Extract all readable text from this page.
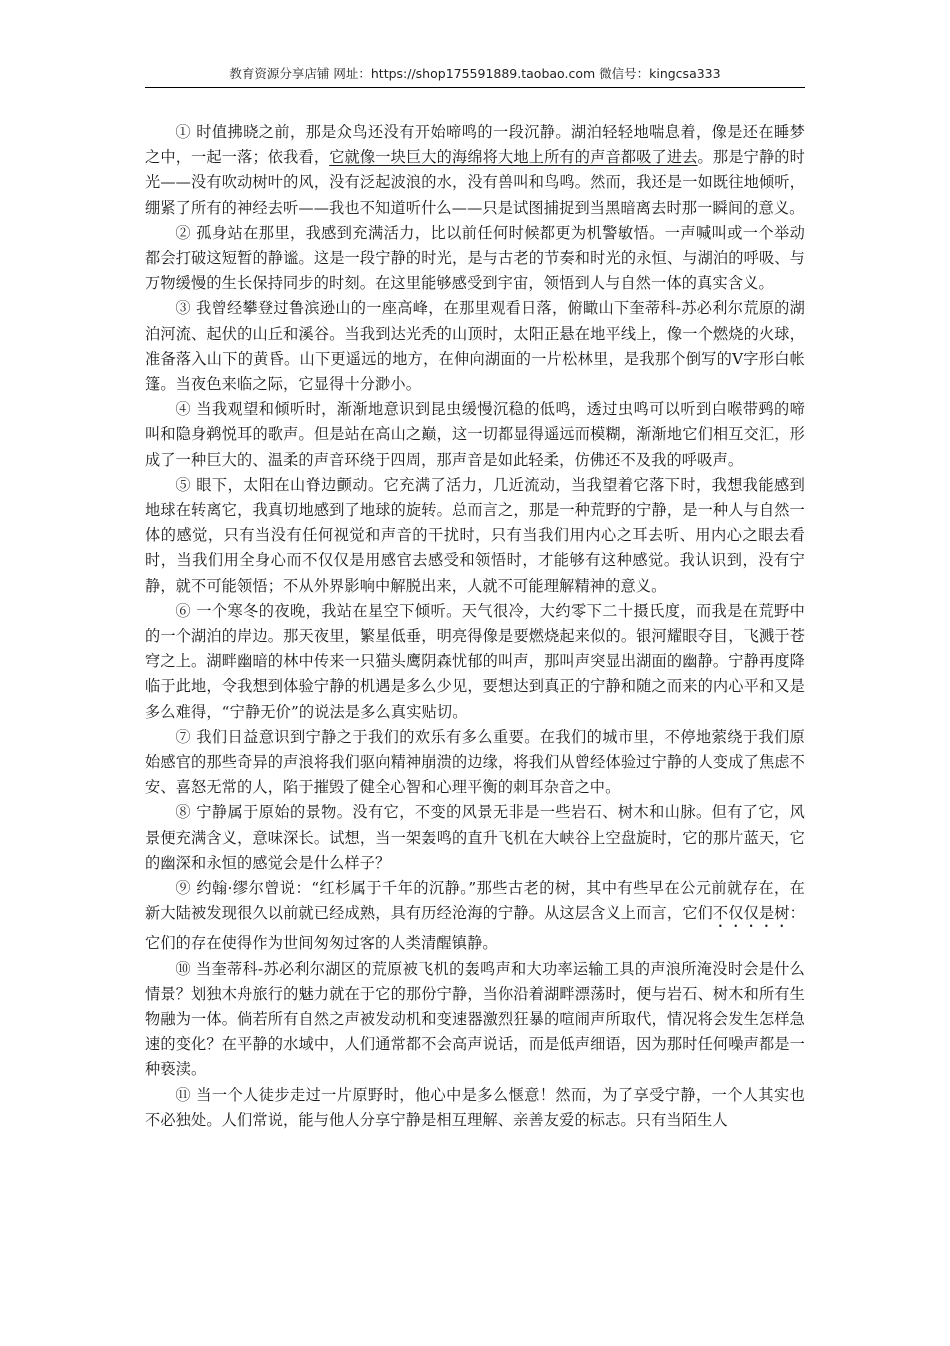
教育资源分享店铺 网址：https://shop175591889.taobao.com 微信号：kingcsa333

① 时值拂晓之前，那是众鸟还没有开始啼鸣的一段沉静。湖泊轻轻地喘息着，像是还在睡梦之中，一起一落；依我看，它就像一块巨大的海绵将大地上所有的声音都吸了进去。那是宁静的时光——没有吹动树叶的风，没有泛起波浪的水，没有兽叫和鸟鸣。然而，我还是一如既往地倾听，绷紧了所有的神经去听——我也不知道听什么——只是试图捕捉到当黑暗离去时那一瞬间的意义。

② 孤身站在那里，我感到充满活力，比以前任何时候都更为机警敏悟。一声喊叫或一个举动都会打破这短暂的静谧。这是一段宁静的时光，是与古老的节奏和时光的永恒、与湖泊的呼吸、与万物缓慢的生长保持同步的时刻。在这里能够感受到宇宙，领悟到人与自然一体的真实含义。

③ 我曾经攀登过鲁滨逊山的一座高峰，在那里观看日落，俯瞰山下奎蒂科-苏必利尔荒原的湖泊河流、起伏的山丘和溪谷。当我到达光秃的山顶时，太阳正悬在地平线上，像一个燃烧的火球，准备落入山下的黄昏。山下更遥远的地方，在伸向湖面的一片松林里，是我那个倒写的V字形白帐篷。当夜色来临之际，它显得十分渺小。

④ 当我观望和倾听时，渐渐地意识到昆虫缓慢沉稳的低鸣，透过虫鸣可以听到白喉带鹀的啼叫和隐身鹈悦耳的歌声。但是站在高山之巅，这一切都显得遥远而模糊，渐渐地它们相互交汇，形成了一种巨大的、温柔的声音环绕于四周，那声音是如此轻柔，仿佛还不及我的呼吸声。

⑤ 眼下，太阳在山脊边颤动。它充满了活力，几近流动，当我望着它落下时，我想我能感到地球在转离它，我真切地感到了地球的旋转。总而言之，那是一种荒野的宁静，是一种人与自然一体的感觉，只有当没有任何视觉和声音的干扰时，只有当我们用内心之耳去听、用内心之眼去看时，当我们用全身心而不仅仅是用感官去感受和领悟时，才能够有这种感觉。我认识到，没有宁静，就不可能领悟；不从外界影响中解脱出来，人就不可能理解精神的意义。

⑥ 一个寒冬的夜晚，我站在星空下倾听。天气很冷，大约零下二十摄氏度，而我是在荒野中的一个湖泊的岸边。那天夜里，繁星低垂，明亮得像是要燃烧起来似的。银河耀眼夺目，飞溅于苍穹之上。湖畔幽暗的林中传来一只猫头鹰阴森忧郁的叫声，那叫声突显出湖面的幽静。宁静再度降临于此地，令我想到体验宁静的机遇是多么少见，要想达到真正的宁静和随之而来的内心平和又是多么难得，“宁静无价”的说法是多么真实贴切。

⑦ 我们日益意识到宁静之于我们的欢乐有多么重要。在我们的城市里，不停地萦绕于我们原始感官的那些奇异的声浪将我们驱向精神崩溃的边缘，将我们从曾经体验过宁静的人变成了焦虑不安、喜怒无常的人，陷于摧毁了健全心智和心理平衡的刺耳杂音之中。

⑧ 宁静属于原始的景物。没有它，不变的风景无非是一些岩石、树木和山脉。但有了它，风景便充满含义，意味深长。试想，当一架轰鸣的直升飞机在大峡谷上空盘旋时，它的那片蓝天，它的幽深和永恒的感觉会是什么样子？

⑨ 约翰·缪尔曾说：“红杉属于千年的沉静。”那些古老的树，其中有些早在公元前就存在，在新大陆被发现很久以前就已经成熟，具有历经沧海的宁静。从这层含义上而言，它们不仅仅是树：它们的存在使得作为世间匆匆过客的人类清醒镇静。

⑩ 当奎蒂科-苏必利尔湖区的荒原被飞机的轰鸣声和大功率运输工具的声浪所淹没时会是什么情景？划独木舟旅行的魅力就在于它的那份宁静，当你沿着湖畔漂荡时，便与岩石、树木和所有生物融为一体。倘若所有自然之声被发动机和变速器激烈狂暴的喧闹声所取代，情况将会发生怎样急速的变化？在平静的水域中，人们通常都不会高声说话，而是低声细语，因为那时任何噪声都是一种亵渎。

⑪ 当一个人徒步走过一片原野时，他心中是多么惬意！然而，为了享受宁静，一个人其实也不必独处。人们常说，能与他人分享宁静是相互理解、亲善友爱的标志。只有当陌生人
